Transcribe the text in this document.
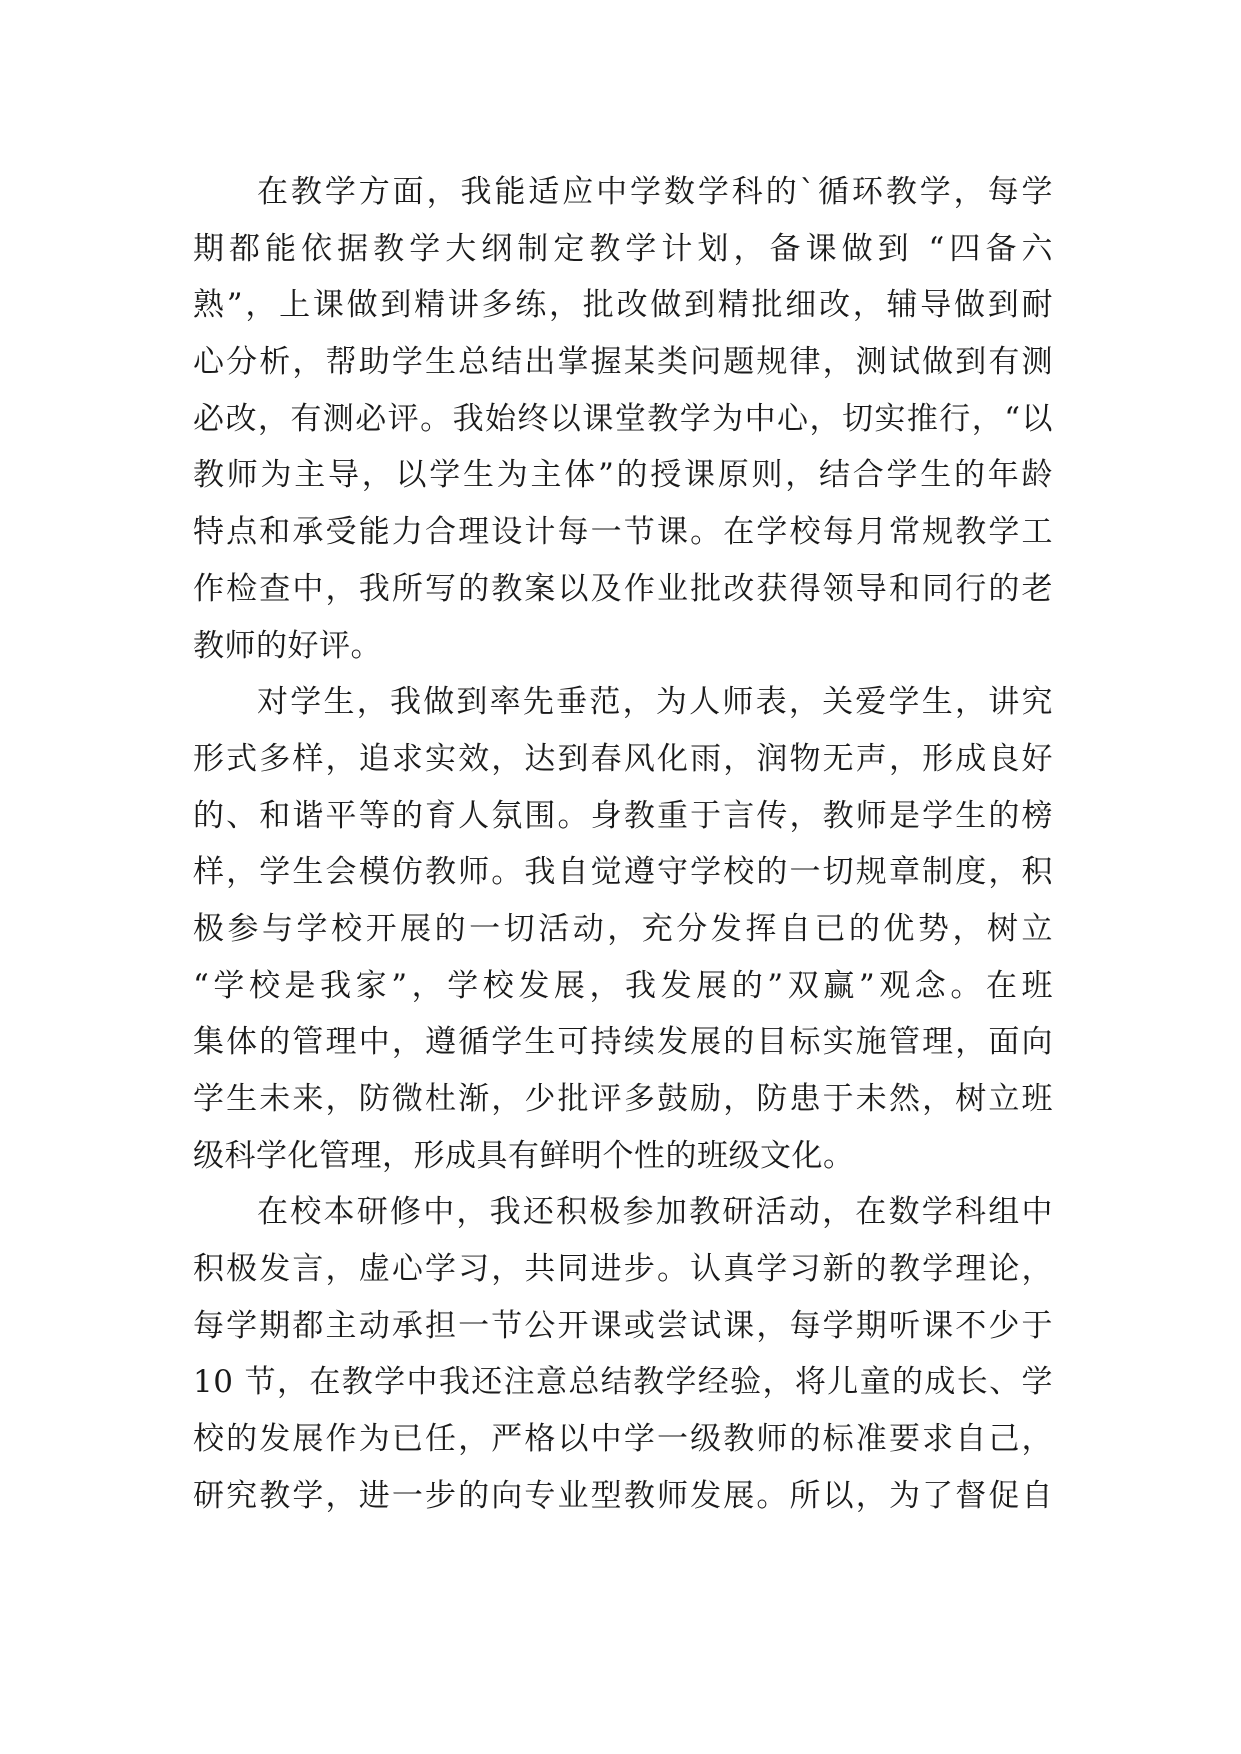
在教学方面，我能适应中学数学科的`循环教学，每学
期都能依据教学大纲制定教学计划，备课做到 “四备六
熟”，上课做到精讲多练，批改做到精批细改，辅导做到耐
心分析，帮助学生总结出掌握某类问题规律，测试做到有测
必改，有测必评。我始终以课堂教学为中心，切实推行，“以
教师为主导，以学生为主体”的授课原则，结合学生的年龄
特点和承受能力合理设计每一节课。在学校每月常规教学工
作检查中，我所写的教案以及作业批改获得领导和同行的老
教师的好评。
对学生，我做到率先垂范，为人师表，关爱学生，讲究
形式多样，追求实效，达到春风化雨，润物无声，形成良好
的、和谐平等的育人氛围。身教重于言传，教师是学生的榜
样，学生会模仿教师。我自觉遵守学校的一切规章制度，积
极参与学校开展的一切活动，充分发挥自已的优势，树立
“学校是我家”，学校发展，我发展的”双赢”观念。在班
集体的管理中，遵循学生可持续发展的目标实施管理，面向
学生未来，防微杜渐，少批评多鼓励，防患于未然，树立班
级科学化管理，形成具有鲜明个性的班级文化。
在校本研修中，我还积极参加教研活动，在数学科组中
积极发言，虚心学习，共同进步。认真学习新的教学理论，
每学期都主动承担一节公开课或尝试课，每学期听课不少于
10 节，在教学中我还注意总结教学经验，将儿童的成长、学
校的发展作为已任，严格以中学一级教师的标准要求自己，
研究教学，进一步的向专业型教师发展。所以，为了督促自
